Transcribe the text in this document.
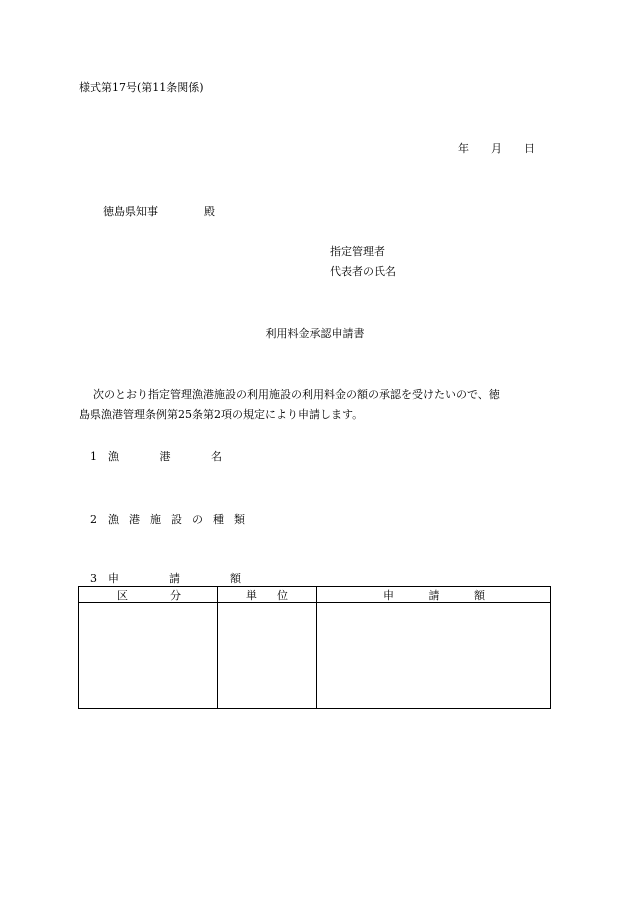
様式第17号(第11条関係)
年 月 日
徳島県知事	殿
指定管理者
代表者の氏名
利用料金承認申請書
次のとおり指定管理漁港施設の利用施設の利用料金の額の承認を受けたいので、徳
島県漁港管理条例第25条第2項の規定により申請します。
1 漁港名
2 漁港施設の種類
3 申請額
区分	単位	申請額
